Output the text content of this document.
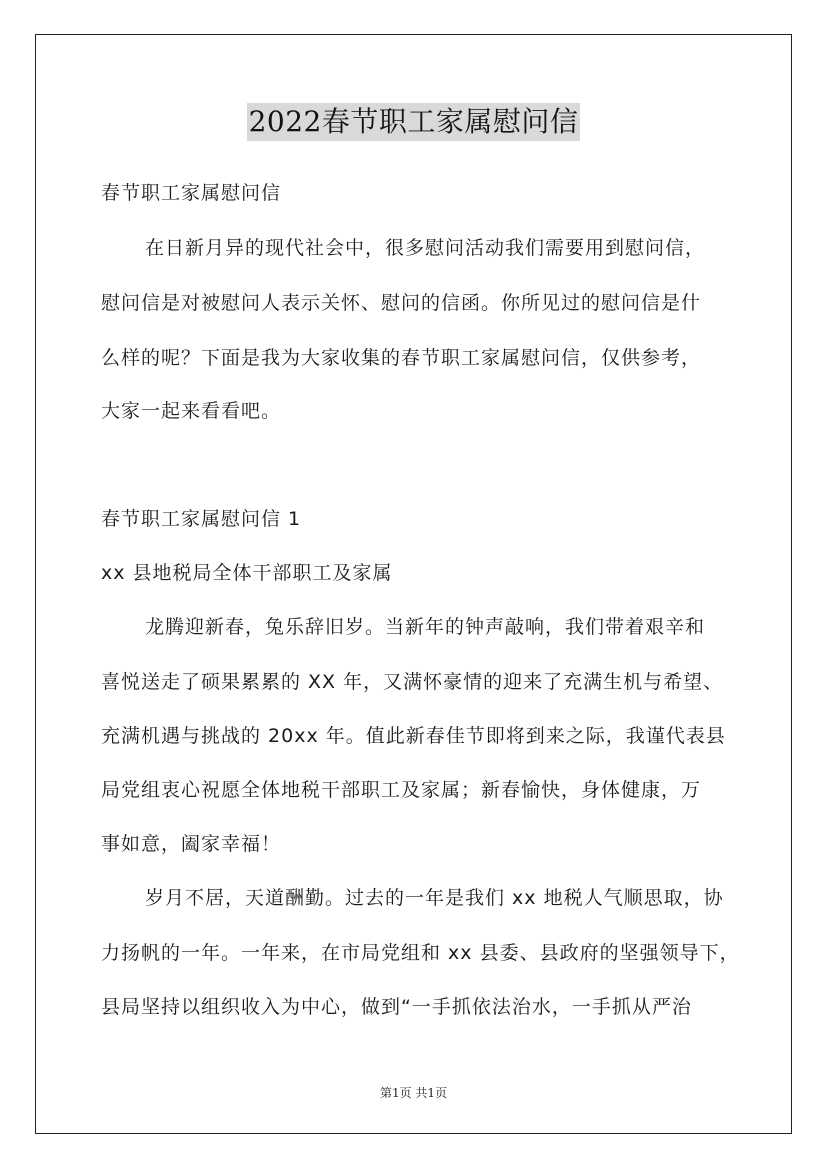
2022春节职工家属慰问信
春节职工家属慰问信
在日新月异的现代社会中，很多慰问活动我们需要用到慰问信，
慰问信是对被慰问人表示关怀、慰问的信函。你所见过的慰问信是什
么样的呢？下面是我为大家收集的春节职工家属慰问信，仅供参考，
大家一起来看看吧。
春节职工家属慰问信 1
xx 县地税局全体干部职工及家属
龙腾迎新春，兔乐辞旧岁。当新年的钟声敲响，我们带着艰辛和
喜悦送走了硕果累累的 XX 年，又满怀豪情的迎来了充满生机与希望、
充满机遇与挑战的 20xx 年。值此新春佳节即将到来之际，我谨代表县
局党组衷心祝愿全体地税干部职工及家属；新春愉快，身体健康，万
事如意，阖家幸福！
岁月不居，天道酬勤。过去的一年是我们 xx 地税人气顺思取，协
力扬帆的一年。一年来，在市局党组和 xx 县委、县政府的坚强领导下，
县局坚持以组织收入为中心，做到“一手抓依法治水，一手抓从严治
第1页 共1页
